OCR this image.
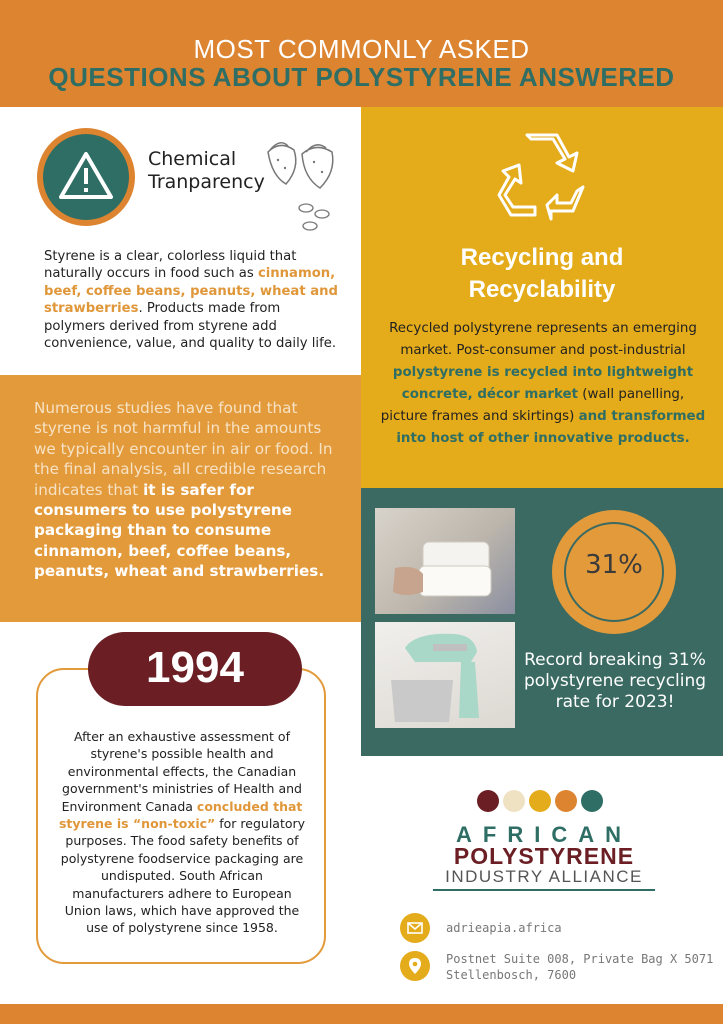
MOST COMMONLY ASKED
QUESTIONS ABOUT POLYSTYRENE ANSWERED
Chemical
Tranparency
Styrene is a clear, colorless liquid that naturally occurs in food such as cinnamon, beef, coffee beans, peanuts, wheat and strawberries. Products made from polymers derived from styrene add convenience, value, and quality to daily life.
Numerous studies have found that styrene is not harmful in the amounts we typically encounter in air or food. In the final analysis, all credible research indicates that it is safer for consumers to use polystyrene packaging than to consume cinnamon, beef, coffee beans, peanuts, wheat and strawberries.
Recycling and
Recyclability
Recycled polystyrene represents an emerging market. Post-consumer and post-industrial polystyrene is recycled into lightweight concrete, décor market (wall panelling, picture frames and skirtings) and transformed into host of other innovative products.
31%
Record breaking 31% polystyrene recycling rate for 2023!
1994
After an exhaustive assessment of styrene's possible health and environmental effects, the Canadian government's ministries of Health and Environment Canada concluded that styrene is “non-toxic” for regulatory purposes. The food safety benefits of polystyrene foodservice packaging are undisputed. South African manufacturers adhere to European Union laws, which have approved the use of polystyrene since 1958.
AFRICAN
POLYSTYRENE
INDUSTRY ALLIANCE
adrieapia.africa
Postnet Suite 008, Private Bag X 5071
Stellenbosch, 7600
